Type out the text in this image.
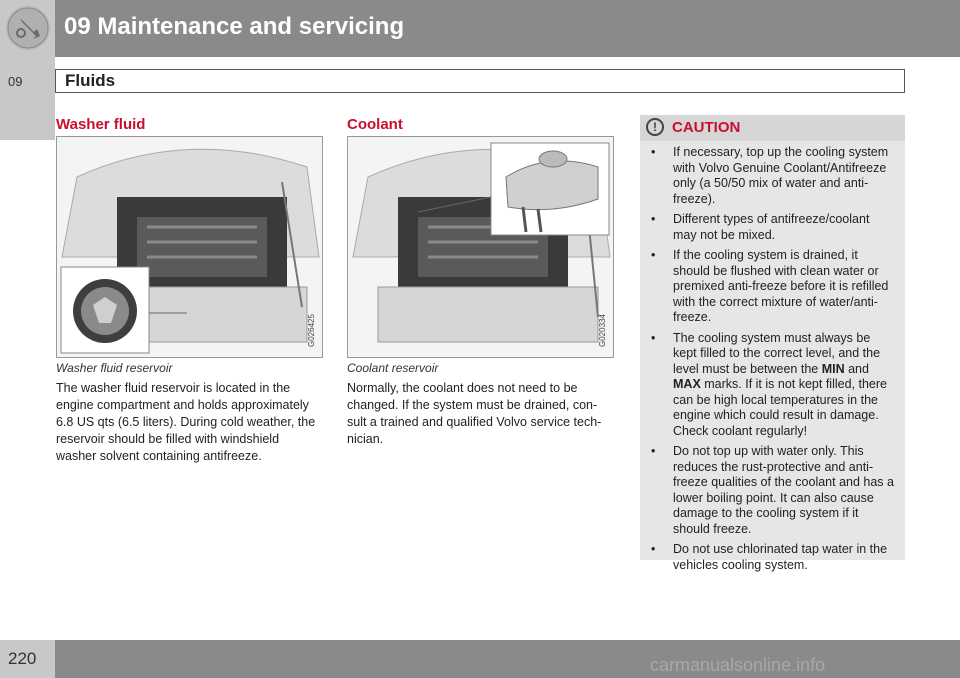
09 Maintenance and servicing
09	Fluids
Washer fluid
G026425
Washer fluid reservoir
The washer fluid reservoir is located in the
engine compartment and holds approximately
6.8 US qts (6.5 liters). During cold weather, the
reservoir should be filled with windshield
washer solvent containing antifreeze.
Coolant
G020334
Coolant reservoir
Normally, the coolant does not need to be
changed. If the system must be drained, con-
sult a trained and qualified Volvo service tech-
nician.
!	CAUTION
• If necessary, top up the cooling system
with Volvo Genuine Coolant/Antifreeze
only (a 50/50 mix of water and anti-
freeze).
• Different types of antifreeze/coolant
may not be mixed.
• If the cooling system is drained, it
should be flushed with clean water or
premixed anti-freeze before it is refilled
with the correct mixture of water/anti-
freeze.
• The cooling system must always be
kept filled to the correct level, and the
level must be between the MIN and
MAX marks. If it is not kept filled, there
can be high local temperatures in the
engine which could result in damage.
Check coolant regularly!
• Do not top up with water only. This
reduces the rust-protective and anti-
freeze qualities of the coolant and has a
lower boiling point. It can also cause
damage to the cooling system if it
should freeze.
• Do not use chlorinated tap water in the
vehicles cooling system.
220	carmanualsonline.info
